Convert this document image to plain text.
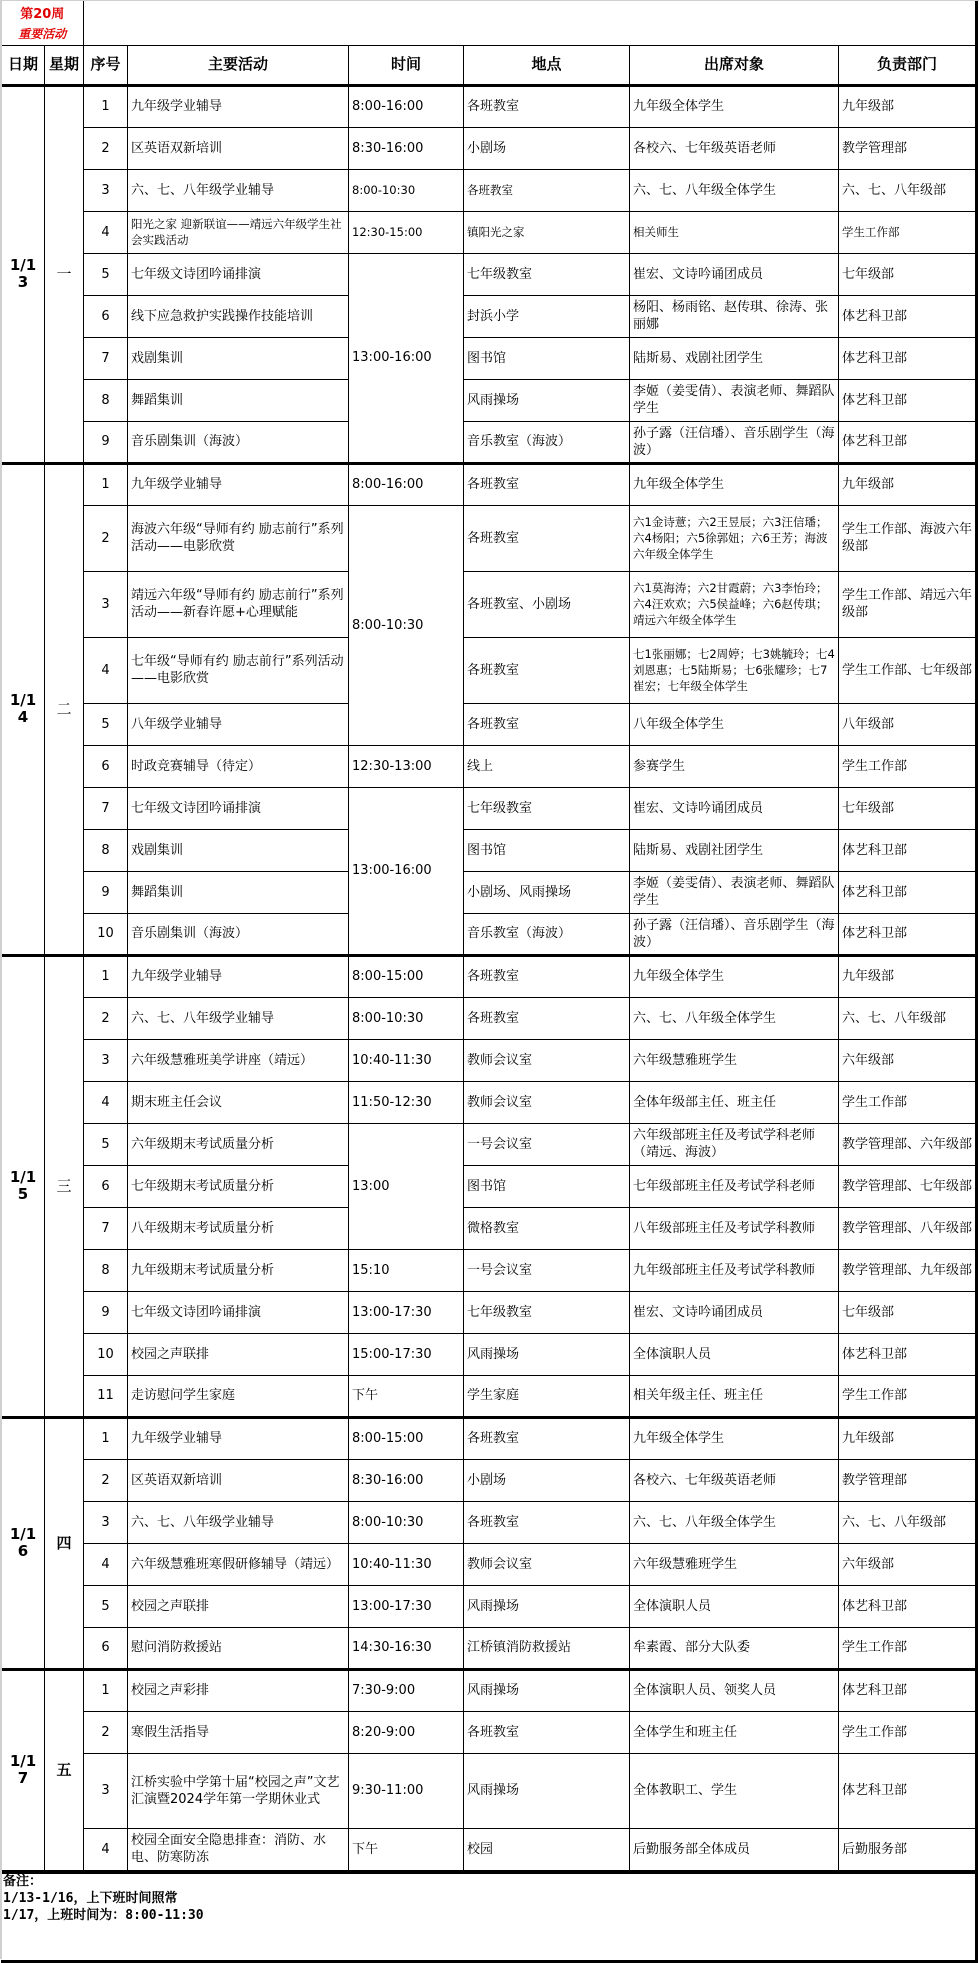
第20周
重要活动							

日期	星期	序号	主要活动	时间	地点	出席对象	负责部门
1/13	一	1	九年级学业辅导	8:00-16:00	各班教室	九年级全体学生	九年级部
		2	区英语双新培训	8:30-16:00	小剧场	各校六、七年级英语老师	教学管理部
		3	六、七、八年级学业辅导	8:00-10:30	各班教室	六、七、八年级全体学生	六、七、八年级部
		4	阳光之家 迎新联谊——靖远六年级学生社会实践活动	12:30-15:00	镇阳光之家	相关师生	学生工作部
		5	七年级文诗团吟诵排演	13:00-16:00	七年级教室	崔宏、文诗吟诵团成员	七年级部
		6	线下应急救护实践操作技能培训		封浜小学	杨阳、杨雨铭、赵传琪、徐涛、张丽娜	体艺科卫部
		7	戏剧集训		图书馆	陆斯易、戏剧社团学生	体艺科卫部
		8	舞蹈集训		风雨操场	李姬（姜雯倩）、表演老师、舞蹈队学生	体艺科卫部
		9	音乐剧集训（海波）		音乐教室（海波）	孙子露（汪信璠）、音乐剧学生（海波）	体艺科卫部
1/14	二	1	九年级学业辅导	8:00-16:00	各班教室	九年级全体学生	九年级部
		2	海波六年级“导师有约 励志前行”系列活动——电影欣赏	8:00-10:30	各班教室	六1金诗薏；六2王昱辰；六3汪信璠；六4杨阳；六5徐郭妞；六6王芳；海波六年级全体学生	学生工作部、海波六年级部
		3	靖远六年级“导师有约 励志前行”系列活动——新春许愿+心理赋能		各班教室、小剧场	六1莫海涛；六2甘霞蔚；六3李怡玲；六4汪欢欢；六5侯益峰；六6赵传琪；靖远六年级全体学生	学生工作部、靖远六年级部
		4	七年级“导师有约 励志前行”系列活动——电影欣赏		各班教室	七1张丽娜；七2周婷；七3姚毓玲；七4刘恩惠；七5陆斯易；七6张耀珍；七7崔宏；七年级全体学生	学生工作部、七年级部
		5	八年级学业辅导		各班教室	八年级全体学生	八年级部
		6	时政竞赛辅导（待定）	12:30-13:00	线上	参赛学生	学生工作部
		7	七年级文诗团吟诵排演	13:00-16:00	七年级教室	崔宏、文诗吟诵团成员	七年级部
		8	戏剧集训		图书馆	陆斯易、戏剧社团学生	体艺科卫部
		9	舞蹈集训		小剧场、风雨操场	李姬（姜雯倩）、表演老师、舞蹈队学生	体艺科卫部
		10	音乐剧集训（海波）		音乐教室（海波）	孙子露（汪信璠）、音乐剧学生（海波）	体艺科卫部
1/15	三	1	九年级学业辅导	8:00-15:00	各班教室	九年级全体学生	九年级部
		2	六、七、八年级学业辅导	8:00-10:30	各班教室	六、七、八年级全体学生	六、七、八年级部
		3	六年级慧雅班美学讲座（靖远）	10:40-11:30	教师会议室	六年级慧雅班学生	六年级部
		4	期末班主任会议	11:50-12:30	教师会议室	全体年级部主任、班主任	学生工作部
		5	六年级期末考试质量分析	13:00	一号会议室	六年级部班主任及考试学科老师（靖远、海波）	教学管理部、六年级部
		6	七年级期末考试质量分析		图书馆	七年级部班主任及考试学科老师	教学管理部、七年级部
		7	八年级期末考试质量分析		微格教室	八年级部班主任及考试学科教师	教学管理部、八年级部
		8	九年级期末考试质量分析	15:10	一号会议室	九年级部班主任及考试学科教师	教学管理部、九年级部
		9	七年级文诗团吟诵排演	13:00-17:30	七年级教室	崔宏、文诗吟诵团成员	七年级部
		10	校园之声联排	15:00-17:30	风雨操场	全体演职人员	体艺科卫部
		11	走访慰问学生家庭	下午	学生家庭	相关年级主任、班主任	学生工作部
1/16	四	1	九年级学业辅导	8:00-15:00	各班教室	九年级全体学生	九年级部
		2	区英语双新培训	8:30-16:00	小剧场	各校六、七年级英语老师	教学管理部
		3	六、七、八年级学业辅导	8:00-10:30	各班教室	六、七、八年级全体学生	六、七、八年级部
		4	六年级慧雅班寒假研修辅导（靖远）	10:40-11:30	教师会议室	六年级慧雅班学生	六年级部
		5	校园之声联排	13:00-17:30	风雨操场	全体演职人员	体艺科卫部
		6	慰问消防救援站	14:30-16:30	江桥镇消防救援站	牟素霞、部分大队委	学生工作部
1/17	五	1	校园之声彩排	7:30-9:00	风雨操场	全体演职人员、领奖人员	体艺科卫部
		2	寒假生活指导	8:20-9:00	各班教室	全体学生和班主任	学生工作部
		3	江桥实验中学第十届“校园之声”文艺汇演暨2024学年第一学期休业式	9:30-11:00	风雨操场	全体教职工、学生	体艺科卫部
		4	校园全面安全隐患排查：消防、水电、防寒防冻	下午	校园	后勤服务部全体成员	后勤服务部
备注：
1/13-1/16，上下班时间照常
1/17，上班时间为：8:00-11:30
